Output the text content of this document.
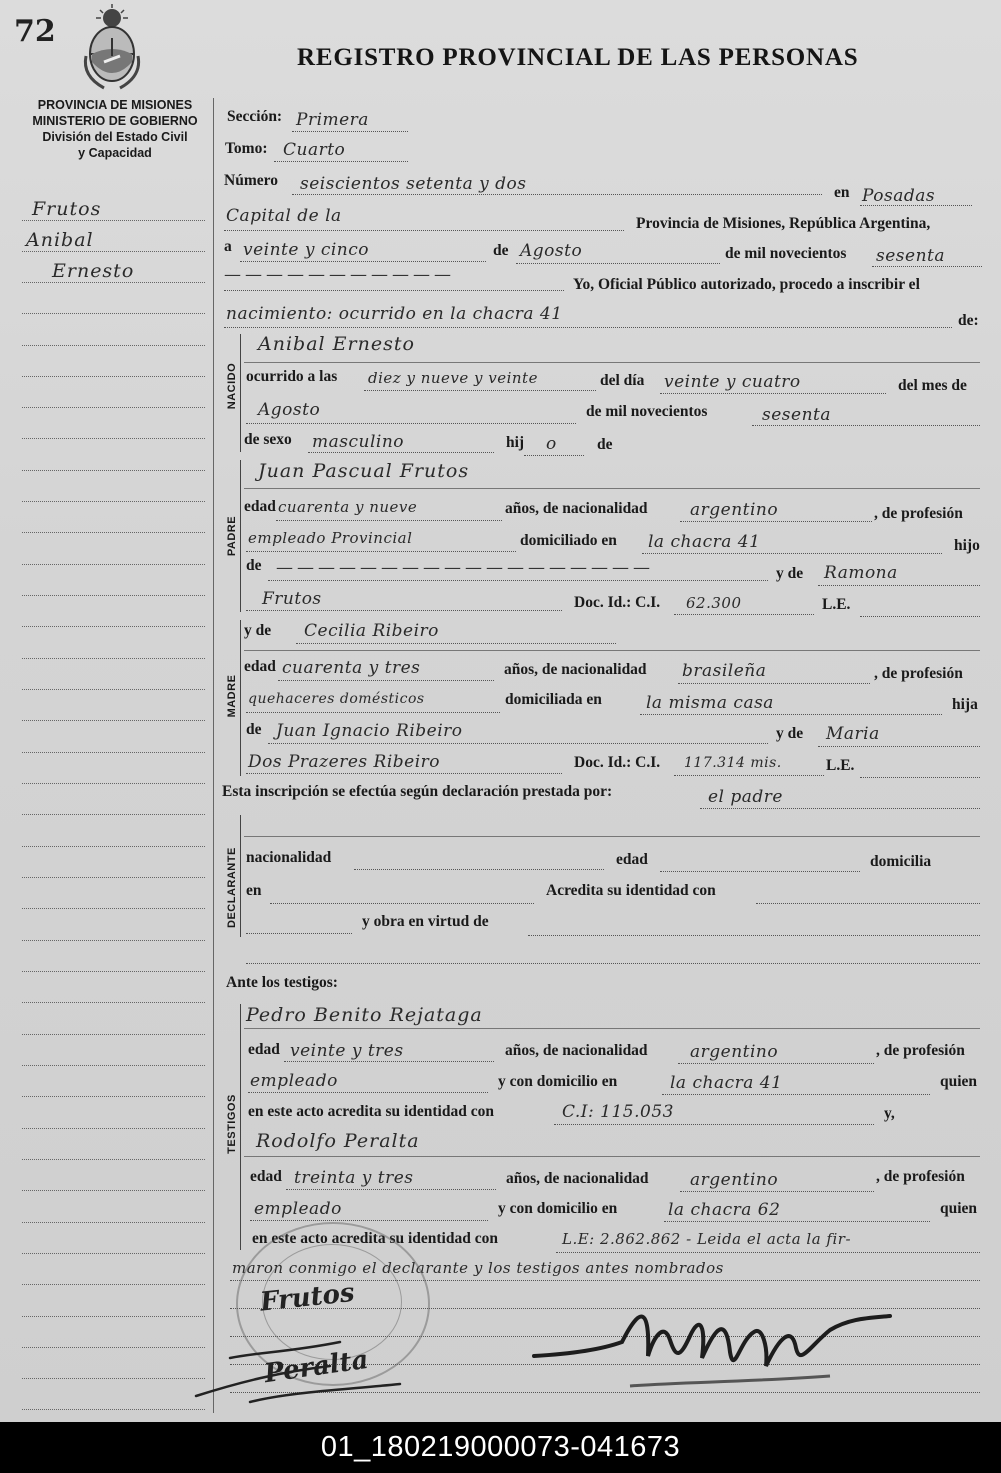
72
REGISTRO PROVINCIAL DE LAS PERSONAS
PROVINCIA DE MISIONES
MINISTERIO DE GOBIERNO
División del Estado Civil
y Capacidad
Frutos
Anibal
Ernesto
Sección: Primera
Tomo: Cuarto
Número seiscientos setenta y dos	en Posadas
Capital de la	Provincia de Misiones, República Argentina,
a veinte y cinco	de Agosto	de mil novecientos sesenta
———————————	Yo, Oficial Público autorizado, procedo a inscribir el
nacimiento: ocurrido en la chacra 41	de:
NACIDO
Anibal Ernesto
ocurrido a las diez y nueve y veinte	del día veinte y cuatro	del mes de
Agosto	de mil novecientos	sesenta
de sexo masculino	hij o	de
PADRE
Juan Pascual Frutos
edad cuarenta y nueve	años, de nacionalidad argentino	, de profesión
empleado Provincial	domiciliado en la chacra 41	hijo
de ——————————————————	y de Ramona
Frutos	Doc. Id.: C.I. 62.300	L.E.
y de Cecilia Ribeiro
MADRE
edad cuarenta y tres	años, de nacionalidad brasileña	, de profesión
quehaceres domésticos	domiciliada en	la misma casa	hija
de Juan Ignacio Ribeiro	y de Maria
Dos Prazeres Ribeiro	Doc. Id.: C.I. 117.314 mis.	L.E.
Esta inscripción se efectúa según declaración prestada por:	el padre
DECLARANTE nacionalidad	edad	domicilia
en	Acredita su identidad con
y obra en virtud de
Ante los testigos:
TESTIGOS
Pedro Benito Rejataga
edad veinte y tres	años, de nacionalidad argentino	, de profesión
empleado	y con domicilio en	la chacra 41	quien
en este acto acredita su identidad con	C.I: 115.053	y,
Rodolfo Peralta
edad treinta y tres	años, de nacionalidad argentino	, de profesión
empleado	y con domicilio en	la chacra 62	quien
en este acto acredita su identidad con	L.E: 2.862.862 - Leida el acta la fir-
maron conmigo el declarante y los testigos antes nombrados
Frutos
Peralta
01_180219000073-041673
